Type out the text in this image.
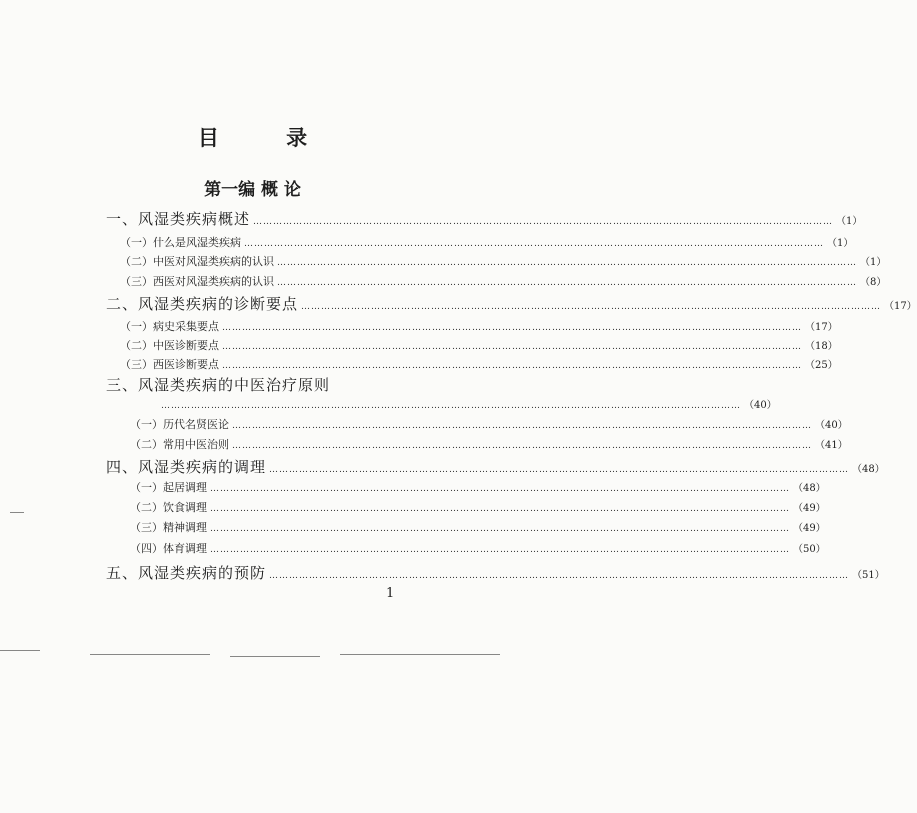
目 录
第一编 概 论
一、风湿类疾病概述 ………………………………………………………………………………………………………………………………………………………… （1）
（一）什么是风湿类疾病 ………………………………………………………………………………………………………………………………………………………… （1）
（二）中医对风湿类疾病的认识 ………………………………………………………………………………………………………………………………………………………… （1）
（三）西医对风湿类疾病的认识 ………………………………………………………………………………………………………………………………………………………… （8）
二、风湿类疾病的诊断要点 ………………………………………………………………………………………………………………………………………………………… （17）
（一）病史采集要点 ………………………………………………………………………………………………………………………………………………………… （17）
（二）中医诊断要点 ………………………………………………………………………………………………………………………………………………………… （18）
（三）西医诊断要点 ………………………………………………………………………………………………………………………………………………………… （25）
三、风湿类疾病的中医治疗原则
………………………………………………………………………………………………………………………………………………………… （40）
（一）历代名贤医论 ………………………………………………………………………………………………………………………………………………………… （40）
（二）常用中医治则 ………………………………………………………………………………………………………………………………………………………… （41）
四、风湿类疾病的调理 ………………………………………………………………………………………………………………………………………………………… （48）
（一）起居调理 ………………………………………………………………………………………………………………………………………………………… （48）
（二）饮食调理 ………………………………………………………………………………………………………………………………………………………… （49）
（三）精神调理 ………………………………………………………………………………………………………………………………………………………… （49）
（四）体育调理 ………………………………………………………………………………………………………………………………………………………… （50）
五、风湿类疾病的预防 ………………………………………………………………………………………………………………………………………………………… （51）
1
